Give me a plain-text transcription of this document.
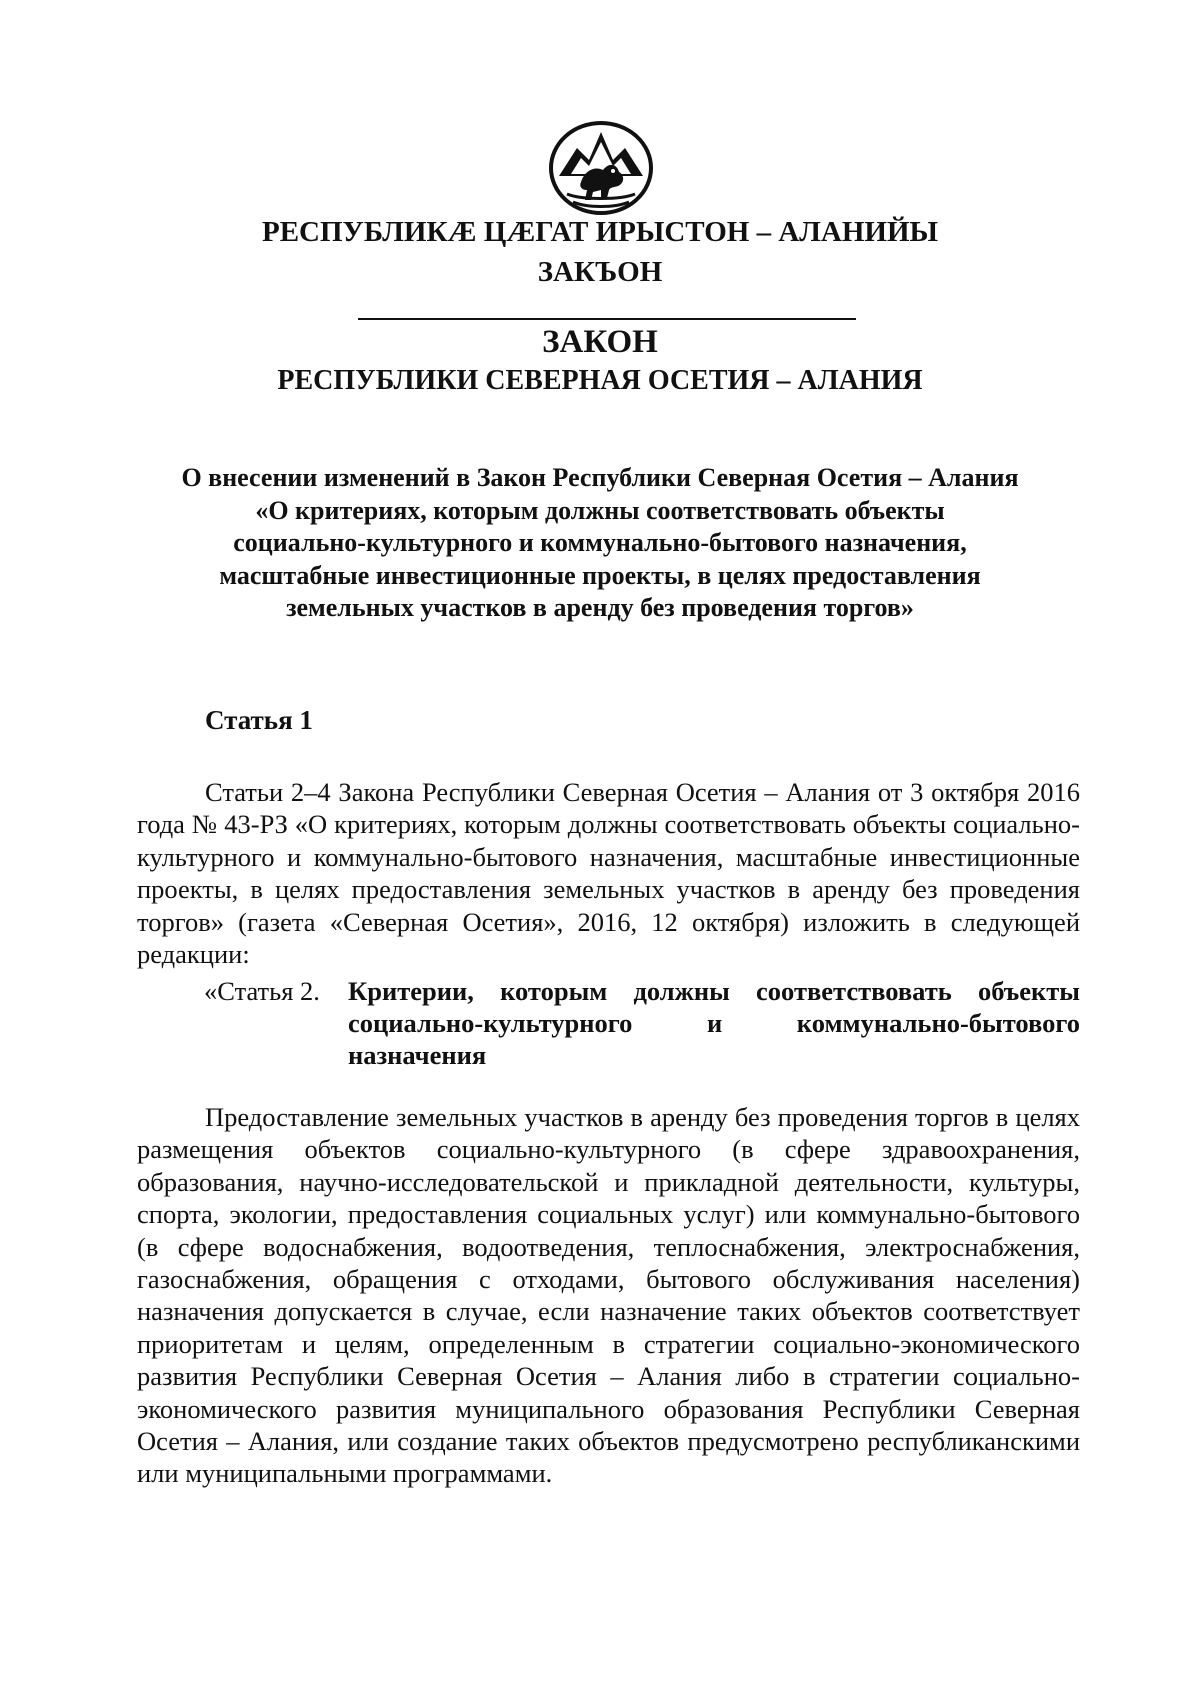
РЕСПУБЛИКÆ ЦÆГАТ ИРЫСТОН – АЛАНИЙЫ
ЗАКЪОН
ЗАКОН
РЕСПУБЛИКИ СЕВЕРНАЯ ОСЕТИЯ – АЛАНИЯ
О внесении изменений в Закон Республики Северная Осетия – Алания
«О критериях, которым должны соответствовать объекты
социально-культурного и коммунально-бытового назначения,
масштабные инвестиционные проекты, в целях предоставления
земельных участков в аренду без проведения торгов»
Статья 1

Статьи 2–4 Закона Республики Северная Осетия – Алания от 3 октября 2016 года № 43-РЗ «О критериях, которым должны соответствовать объекты социально-культурного и коммунально-бытового назначения, масштабные инвестиционные проекты, в целях предоставления земельных участков в аренду без проведения торгов» (газета «Северная Осетия», 2016, 12 октября) изложить в следующей редакции:

«Статья 2. Критерии, которым должны соответствовать объекты социально-культурного и коммунально-бытового назначения

Предоставление земельных участков в аренду без проведения торгов в целях размещения объектов социально-культурного (в сфере здравоохранения, образования, научно-исследовательской и прикладной деятельности, культуры, спорта, экологии, предоставления социальных услуг) или коммунально-бытового (в сфере водоснабжения, водоотведения, теплоснабжения, электроснабжения, газоснабжения, обращения с отходами, бытового обслуживания населения) назначения допускается в случае, если назначение таких объектов соответствует приоритетам и целям, определенным в стратегии социально-экономического развития Республики Северная Осетия – Алания либо в стратегии социально-экономического развития муниципального образования Республики Северная Осетия – Алания, или создание таких объектов предусмотрено республиканскими или муниципальными программами.
